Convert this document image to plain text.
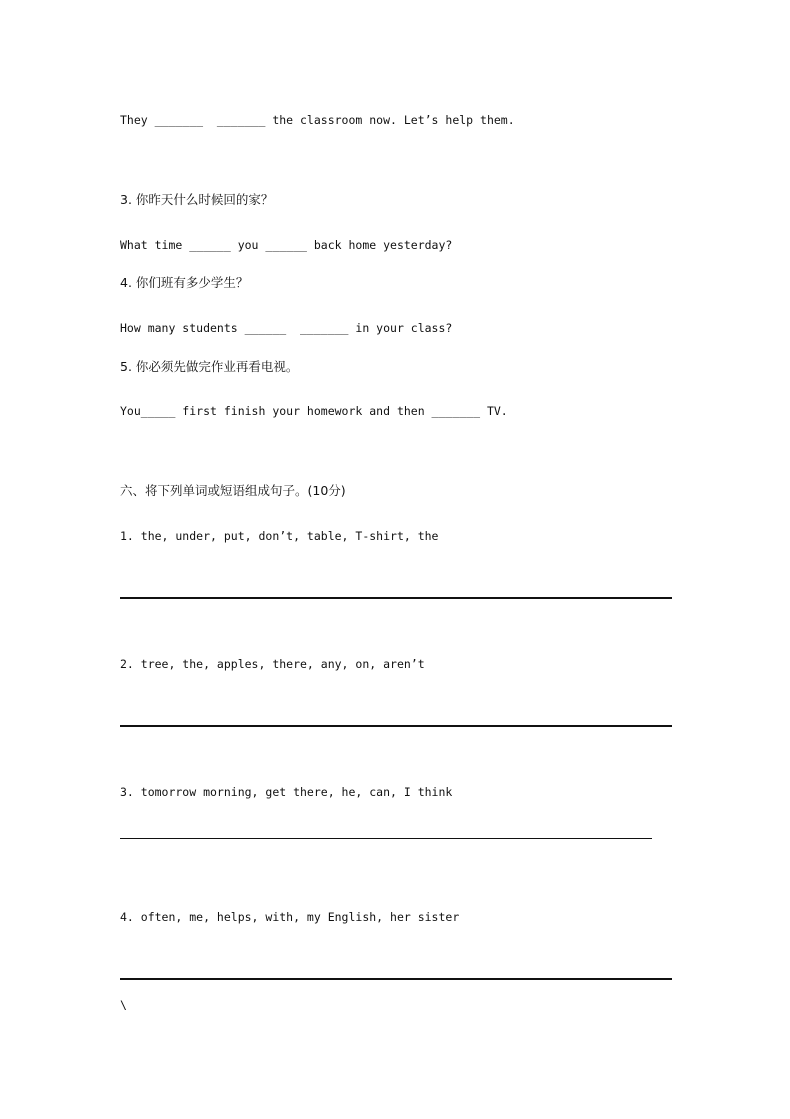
They _______  _______ the classroom now. Let’s help them.
3. 你昨天什么时候回的家？
What time ______ you ______ back home yesterday?
4. 你们班有多少学生？
How many students ______  _______ in your class?
5. 你必须先做完作业再看电视。
You_____ first finish your homework and then _______ TV.
六、将下列单词或短语组成句子。(10分)
1. the, under, put, don’t, table, T-shirt, the
2. tree, the, apples, there, any, on, aren’t
3. tomorrow morning, get there, he, can, I think
4. often, me, helps, with, my English, her sister
\
